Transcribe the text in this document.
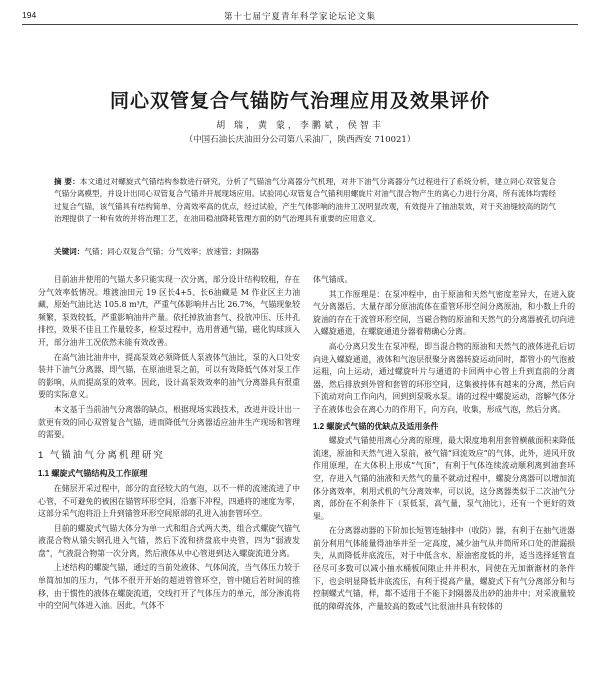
194	第十七届宁夏青年科学家论坛论文集
同心双管复合气锚防气治理应用及效果评价
胡 瑞，黄 蒙，李鹏斌，侯智丰
（中国石油长庆油田分公司第八采油厂，陕西西安 710021）
摘 要：本文通过对螺旋式气锚结构参数进行研究，分析了气锚油气分离器分气机理，对井下油气分离器分气过程进行了系统分析，建立同心双管复合气锚分离模型，并设计出同心双管复合气锚并开展现场应用。试验同心双管复合气锚利用螺旋片对油气混合物产生的离心力进行分离，所有流体均需经过复合气锚，该气锚具有结构简单、分离效率高的优点，经过试验，产生气体影响的油井工况明显改观，有效提升了抽油泵效，对于夹油缝较高的防气治理提供了一种有效的并将治理工艺，在油田稳油降耗管理方面的防气治理具有重要的应用意义。
关键词：气锚；同心双复合气锚；分气效率；放速管；封隔器

目前油井使用的气锚大多只能实现一次分离，部分设计结构较粗，存在分气效率低情况。堆渡油田元 19 区长4+5、长6油藏是 M 作业区主力油藏，原始气油比达 105.8 m³/t，严重气体影响井占比 26.7%，气锚现象较频繁，泵效较低，严重影响油井产量。依托掉放油套气、投放冲压、压井孔排控，效果不佳且工作量较多，检泵过程中，选用普通气锚，磁化钩球顶入开，部分油井工况依然未能有效改善。

在高气油比油井中，提高泵效必须降低人泵液体气油比，泵的入口处安装井下油气分离器，即气锚，在原油进泵之前，可以有效降低气体对泵工作的影响，从而提高泵的效率。因此，设计高泵效效率的油气分离器具有很重要的实际意义。

本文基于当前油气分离器的缺点，根据现场实践技术，改进并设计出一款更有效的同心双管复合气锚，进而降低气分离器适应油井生产现场和管理的需要。

1 气锚油气分离机理研究
1.1 螺旋式气锚结构及工作原理

在储层开采过程中，部分的直径较大的气泡，以不一样的流速流进了中心管，不可避免的被困在锚管环形空间，沿塞下冲程，四通将的速度为零，这部分采气泡将沿上升到锚管环形空间原部的孔进入油套管环空。

目前的螺旋式气锚大体分为单一式和组合式两大类，组合式螺旋气锚气液混合物从锚尖钢孔进入气锚，然后下流和挤盘底中央管，四为“弱液发盘”，气液混合物第一次分离，然后液体从中心管进到达入螺旋流道分离。

上述结构的螺旋气锚，通过的当前处液体、气体间流，当气体压力较于单简加加的压力，气体不很开开始的超进管管环空，管中随后若时间的推移，由于惯性的液体在螺旋流道，交线打开了气体压力的单元，部分渗流将中的空间气体进入油。因此，气体不

体气锚成。

其工作原理是：在泵冲程中，由于原油和天然气密度差异大，在进入旋气分离器后，大量存部分原油流体在重管环形空间分离原油，和小数上升的旋油的存在于流管环形空间，当磁合物的原油和天然气的分离器被孔切向进入螺旋通道，在螺旋通道分器着精确心分离。

高心分离只发生在泵冲程，即当混合物的原油和天然气的液体进孔后切向进入螺旋通道，液体和气泡层很聚分离器转旋运动同时，都管小的气泡被运粗，向上运动，通过螺旋叶片与通道的卡回两中心管上升到直前的分离器，然后排放到外管和套管的环形空间，这集被持体有越来的分离，然后向下流动对向工作向内，回到到泵吸水泵。请的过程中螺旋运动，溶解气体分子在液体也会在离心力的作用下，向方向，收集，形成气泡，然后分离。

1.2 螺旋式气锚的优缺点及适用条件

螺旋式气锚使用离心分离的原理，最大限度地利用套管横截面积来降低流速，原油和天然气进入泵前，被气锚“回流效应”的气体，此外，进风开放作用原理，在大体积上形成“气顶”，有利于气体连续流动顺利离到油套环空，存进入气锚的油液和天然气的量不就动过程中，螺旋分离器可以增加流体分离效率，利用式机的气分离效率，可以说，这分离器类似于二次油气分离，部份在不利条件下（泵低泵，高气量，泵气油比），还有一个更好的效果。

在分离器动器的下阶加长短管连轴排中（收防）器，有利于在抽气进器前分利用气体能量得油举井至一定高度，减少油气从井筒所环口处的泄漏损失，从而降低井底流压，对于中低含水、原油密度低的井，适当选择延管直径尽可多数可以减小抽水桶板间隙止井井积水，同使在无加渐渐材的条件下，也会明显降低井底流压，有利于提高产量，螺旋式下有气分离部分和与控制螺式气锚，样，都不适用于不能下封隔器及出砂的油井中；对采液量较低的障碍流体，产量较高的数或气比很油井具有较体的
